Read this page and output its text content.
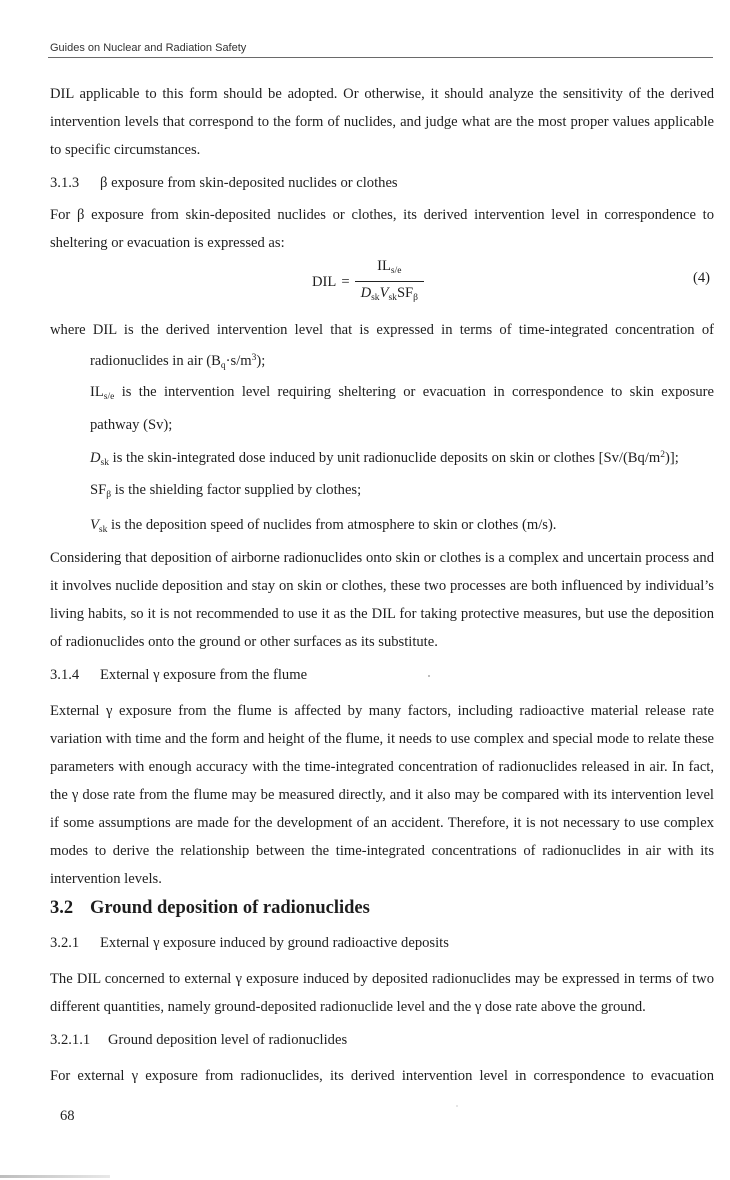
Guides on Nuclear and Radiation Safety

DIL applicable to this form should be adopted. Or otherwise, it should analyze the sensitivity of the derived intervention levels that correspond to the form of nuclides, and judge what are the most proper values applicable to specific circumstances.

3.1.3 β exposure from skin-deposited nuclides or clothes

For β exposure from skin-deposited nuclides or clothes, its derived intervention level in correspondence to sheltering or evacuation is expressed as:

DIL = $\frac{IL_{s/e}}{D_{sk}V_{sk}SF_\beta}$	(4)

where DIL is the derived intervention level that is expressed in terms of time-integrated concentration of

radionuclides in air $(B_q\cdot s/m^3)$;

$IL_{s/e}$ is the intervention level requiring sheltering or evacuation in correspondence to skin exposure

pathway (Sv);

$D_{sk}$ is the skin-integrated dose induced by unit radionuclide deposits on skin or clothes $[Sv/(Bq/m^2)]$;
$SF_\beta$ is the shielding factor supplied by clothes;
$V_{sk}$ is the deposition speed of nuclides from atmosphere to skin or clothes (m/s).

Considering that deposition of airborne radionuclides onto skin or clothes is a complex and uncertain process and it involves nuclide deposition and stay on skin or clothes, these two processes are both influenced by individual’s living habits, so it is not recommended to use it as the DIL for taking protective measures, but use the deposition of radionuclides onto the ground or other surfaces as its substitute.

3.1.4 External γ exposure from the flume

External γ exposure from the flume is affected by many factors, including radioactive material release rate variation with time and the form and height of the flume, it needs to use complex and special mode to relate these parameters with enough accuracy with the time-integrated concentration of radionuclides released in air. In fact, the γ dose rate from the flume may be measured directly, and it also may be compared with its intervention level if some assumptions are made for the development of an accident. Therefore, it is not necessary to use complex modes to derive the relationship between the time-integrated concentrations of radionuclides in air with its intervention levels.

3.2 Ground deposition of radionuclides
3.2.1 External γ exposure induced by ground radioactive deposits

The DIL concerned to external γ exposure induced by deposited radionuclides may be expressed in terms of two different quantities, namely ground-deposited radionuclide level and the γ dose rate above the ground.

3.2.1.1 Ground deposition level of radionuclides

For external γ exposure from radionuclides, its derived intervention level in correspondence to evacuation

68
